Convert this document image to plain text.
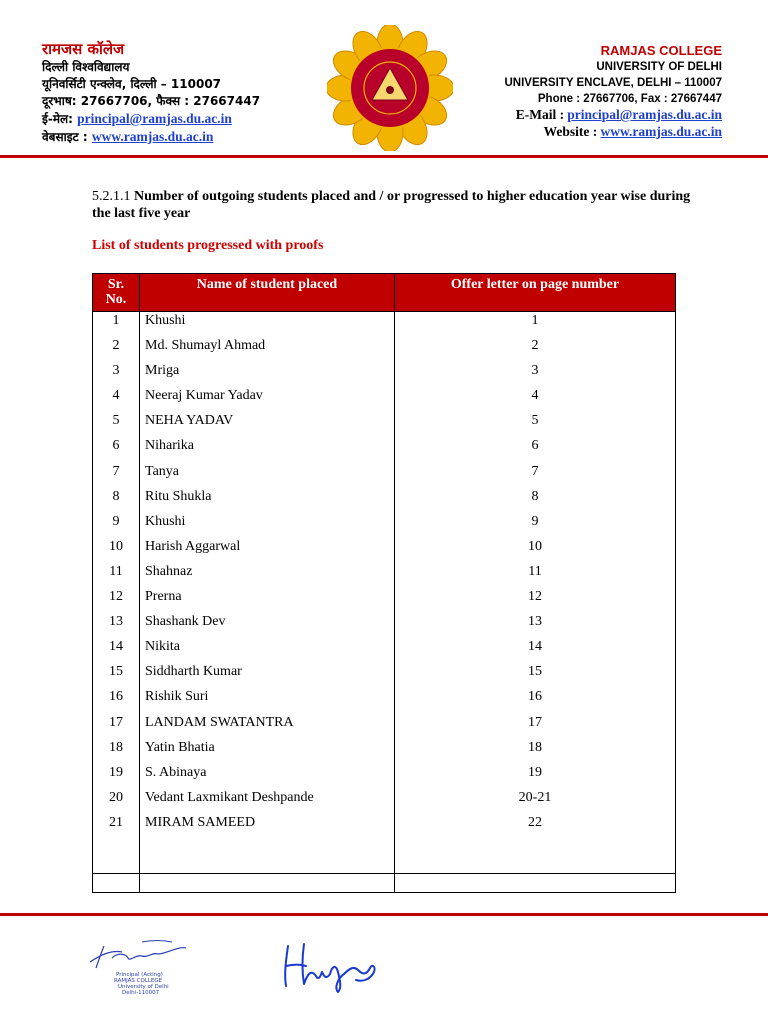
रामजस कॉलेज
दिल्ली विश्वविद्यालय
यूनिवर्सिटी एन्क्लेव, दिल्ली – 110007
दूरभाष: 27667706, फैक्स : 27667447
ई-मेल: principal@ramjas.du.ac.in
वेबसाइट : www.ramjas.du.ac.in
RAMJAS COLLEGE
UNIVERSITY OF DELHI
UNIVERSITY ENCLAVE, DELHI – 110007
Phone : 27667706, Fax : 27667447
E-Mail : principal@ramjas.du.ac.in
Website : www.ramjas.du.ac.in
5.2.1.1 Number of outgoing students placed and / or progressed to higher education year wise during the last five year
List of students progressed with proofs
Sr. No.	Name of student placed	Offer letter on page number
1	Khushi	1
2	Md. Shumayl Ahmad	2
3	Mriga	3
4	Neeraj Kumar Yadav	4
5	NEHA YADAV	5
6	Niharika	6
7	Tanya	7
8	Ritu Shukla	8
9	Khushi	9
10	Harish Aggarwal	10
11	Shahnaz	11
12	Prerna	12
13	Shashank Dev	13
14	Nikita	14
15	Siddharth Kumar	15
16	Rishik Suri	16
17	LANDAM SWATANTRA	17
18	Yatin Bhatia	18
19	S. Abinaya	19
20	Vedant Laxmikant Deshpande	20-21
21	MIRAM SAMEED	22

Principal (Acting)
RAMJAS COLLEGE
University of Delhi
Delhi-110007
